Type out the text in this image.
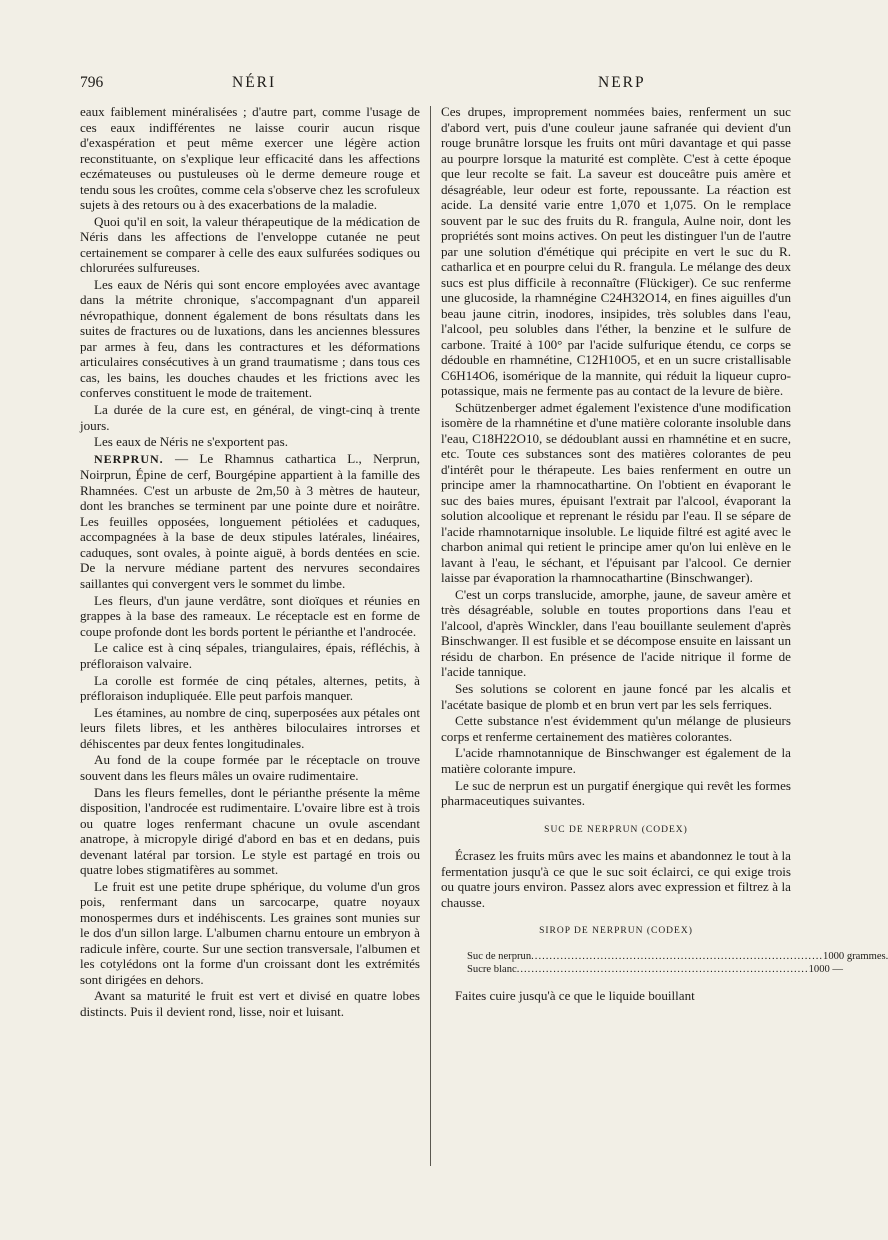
796	NÉRI	NERP

eaux faiblement minéralisées ; d'autre part, comme l'usage de ces eaux indifférentes ne laisse courir aucun risque d'exaspération et peut même exercer une légère action reconstituante, on s'explique leur efficacité dans les affections eczémateuses ou pustuleuses où le derme demeure rouge et tendu sous les croûtes, comme cela s'observe chez les scrofuleux sujets à des retours ou à des exacerbations de la maladie.

Quoi qu'il en soit, la valeur thérapeutique de la médication de Néris dans les affections de l'enveloppe cutanée ne peut certainement se comparer à celle des eaux sulfurées sodiques ou chlorurées sulfureuses.

Les eaux de Néris qui sont encore employées avec avantage dans la métrite chronique, s'accompagnant d'un appareil névropathique, donnent également de bons résultats dans les suites de fractures ou de luxations, dans les anciennes blessures par armes à feu, dans les contractures et les déformations articulaires consécutives à un grand traumatisme ; dans tous ces cas, les bains, les douches chaudes et les frictions avec les conferves constituent le mode de traitement.

La durée de la cure est, en général, de vingt-cinq à trente jours.

Les eaux de Néris ne s'exportent pas.

NERPRUN. — Le Rhamnus cathartica L., Nerprun, Noirprun, Épine de cerf, Bourgépine appartient à la famille des Rhamnées. C'est un arbuste de 2m,50 à 3 mètres de hauteur, dont les branches se terminent par une pointe dure et noirâtre. Les feuilles opposées, longuement pétiolées et caduques, accompagnées à la base de deux stipules latérales, linéaires, caduques, sont ovales, à pointe aiguë, à bords dentées en scie. De la nervure médiane partent des nervures secondaires saillantes qui convergent vers le sommet du limbe.

Les fleurs, d'un jaune verdâtre, sont dioïques et réunies en grappes à la base des rameaux. Le réceptacle est en forme de coupe profonde dont les bords portent le périanthe et l'androcée.

Le calice est à cinq sépales, triangulaires, épais, réfléchis, à préfloraison valvaire.

La corolle est formée de cinq pétales, alternes, petits, à préfloraison indupliquée. Elle peut parfois manquer.

Les étamines, au nombre de cinq, superposées aux pétales ont leurs filets libres, et les anthères biloculaires introrses et déhiscentes par deux fentes longitudinales.

Au fond de la coupe formée par le réceptacle on trouve souvent dans les fleurs mâles un ovaire rudimentaire.

Dans les fleurs femelles, dont le périanthe présente la même disposition, l'androcée est rudimentaire. L'ovaire libre est à trois ou quatre loges renfermant chacune un ovule ascendant anatrope, à micropyle dirigé d'abord en bas et en dedans, puis devenant latéral par torsion. Le style est partagé en trois ou quatre lobes stigmatifères au sommet.

Le fruit est une petite drupe sphérique, du volume d'un gros pois, renfermant dans un sarcocarpe, quatre noyaux monospermes durs et indéhiscents. Les graines sont munies sur le dos d'un sillon large. L'albumen charnu entoure un embryon à radicule infère, courte. Sur une section transversale, l'albumen et les cotylédons ont la forme d'un croissant dont les extrémités sont dirigées en dehors.

Avant sa maturité le fruit est vert et divisé en quatre lobes distincts. Puis il devient rond, lisse, noir et luisant.

Ces drupes, improprement nommées baies, renferment un suc d'abord vert, puis d'une couleur jaune safranée qui devient d'un rouge brunâtre lorsque les fruits ont mûri davantage et qui passe au pourpre lorsque la maturité est complète. C'est à cette époque que leur recolte se fait. La saveur est douceâtre puis amère et désagréable, leur odeur est forte, repoussante. La réaction est acide. La densité varie entre 1,070 et 1,075. On le remplace souvent par le suc des fruits du R. frangula, Aulne noir, dont les propriétés sont moins actives. On peut les distinguer l'un de l'autre par une solution d'émétique qui précipite en vert le suc du R. catharlica et en pourpre celui du R. frangula. Le mélange des deux sucs est plus difficile à reconnaître (Flückiger). Ce suc renferme une glucoside, la rhamnégine C24H32O14, en fines aiguilles d'un beau jaune citrin, inodores, insipides, très solubles dans l'eau, l'alcool, peu solubles dans l'éther, la benzine et le sulfure de carbone. Traité à 100° par l'acide sulfurique étendu, ce corps se dédouble en rhamnétine, C12H10O5, et en un sucre cristallisable C6H14O6, isomérique de la mannite, qui réduit la liqueur cupro-potassique, mais ne fermente pas au contact de la levure de bière.

Schützenberger admet également l'existence d'une modification isomère de la rhamnétine et d'une matière colorante insoluble dans l'eau, C18H22O10, se dédoublant aussi en rhamnétine et en sucre, etc. Toute ces substances sont des matières colorantes de peu d'intérêt pour le thérapeute. Les baies renferment en outre un principe amer la rhamnocathartine. On l'obtient en évaporant le suc des baies mures, épuisant l'extrait par l'alcool, évaporant la solution alcoolique et reprenant le résidu par l'eau. Il se sépare de l'acide rhamnotarnique insoluble. Le liquide filtré est agité avec le charbon animal qui retient le principe amer qu'on lui enlève en le lavant à l'eau, le séchant, et l'épuisant par l'alcool. Ce dernier laisse par évaporation la rhamnocathartine (Binschwanger).

C'est un corps translucide, amorphe, jaune, de saveur amère et très désagréable, soluble en toutes proportions dans l'eau et l'alcool, d'après Winckler, dans l'eau bouillante seulement d'après Binschwanger. Il est fusible et se décompose ensuite en laissant un résidu de charbon. En présence de l'acide nitrique il forme de l'acide tannique.

Ses solutions se colorent en jaune foncé par les alcalis et l'acétate basique de plomb et en brun vert par les sels ferriques.

Cette substance n'est évidemment qu'un mélange de plusieurs corps et renferme certainement des matières colorantes.

L'acide rhamnotannique de Binschwanger est également de la matière colorante impure.

Le suc de nerprun est un purgatif énergique qui revêt les formes pharmaceutiques suivantes.

SUC DE NERPRUN (CODEX)

Écrasez les fruits mûrs avec les mains et abandonnez le tout à la fermentation jusqu'à ce que le suc soit éclairci, ce qui exige trois ou quatre jours environ. Passez alors avec expression et filtrez à la chausse.

SIROP DE NERPRUN (CODEX)
Suc de nerprun ................................................................................ 1000 grammes.
Sucre blanc ................................................................................ 1000 —

Faites cuire jusqu'à ce que le liquide bouillant
